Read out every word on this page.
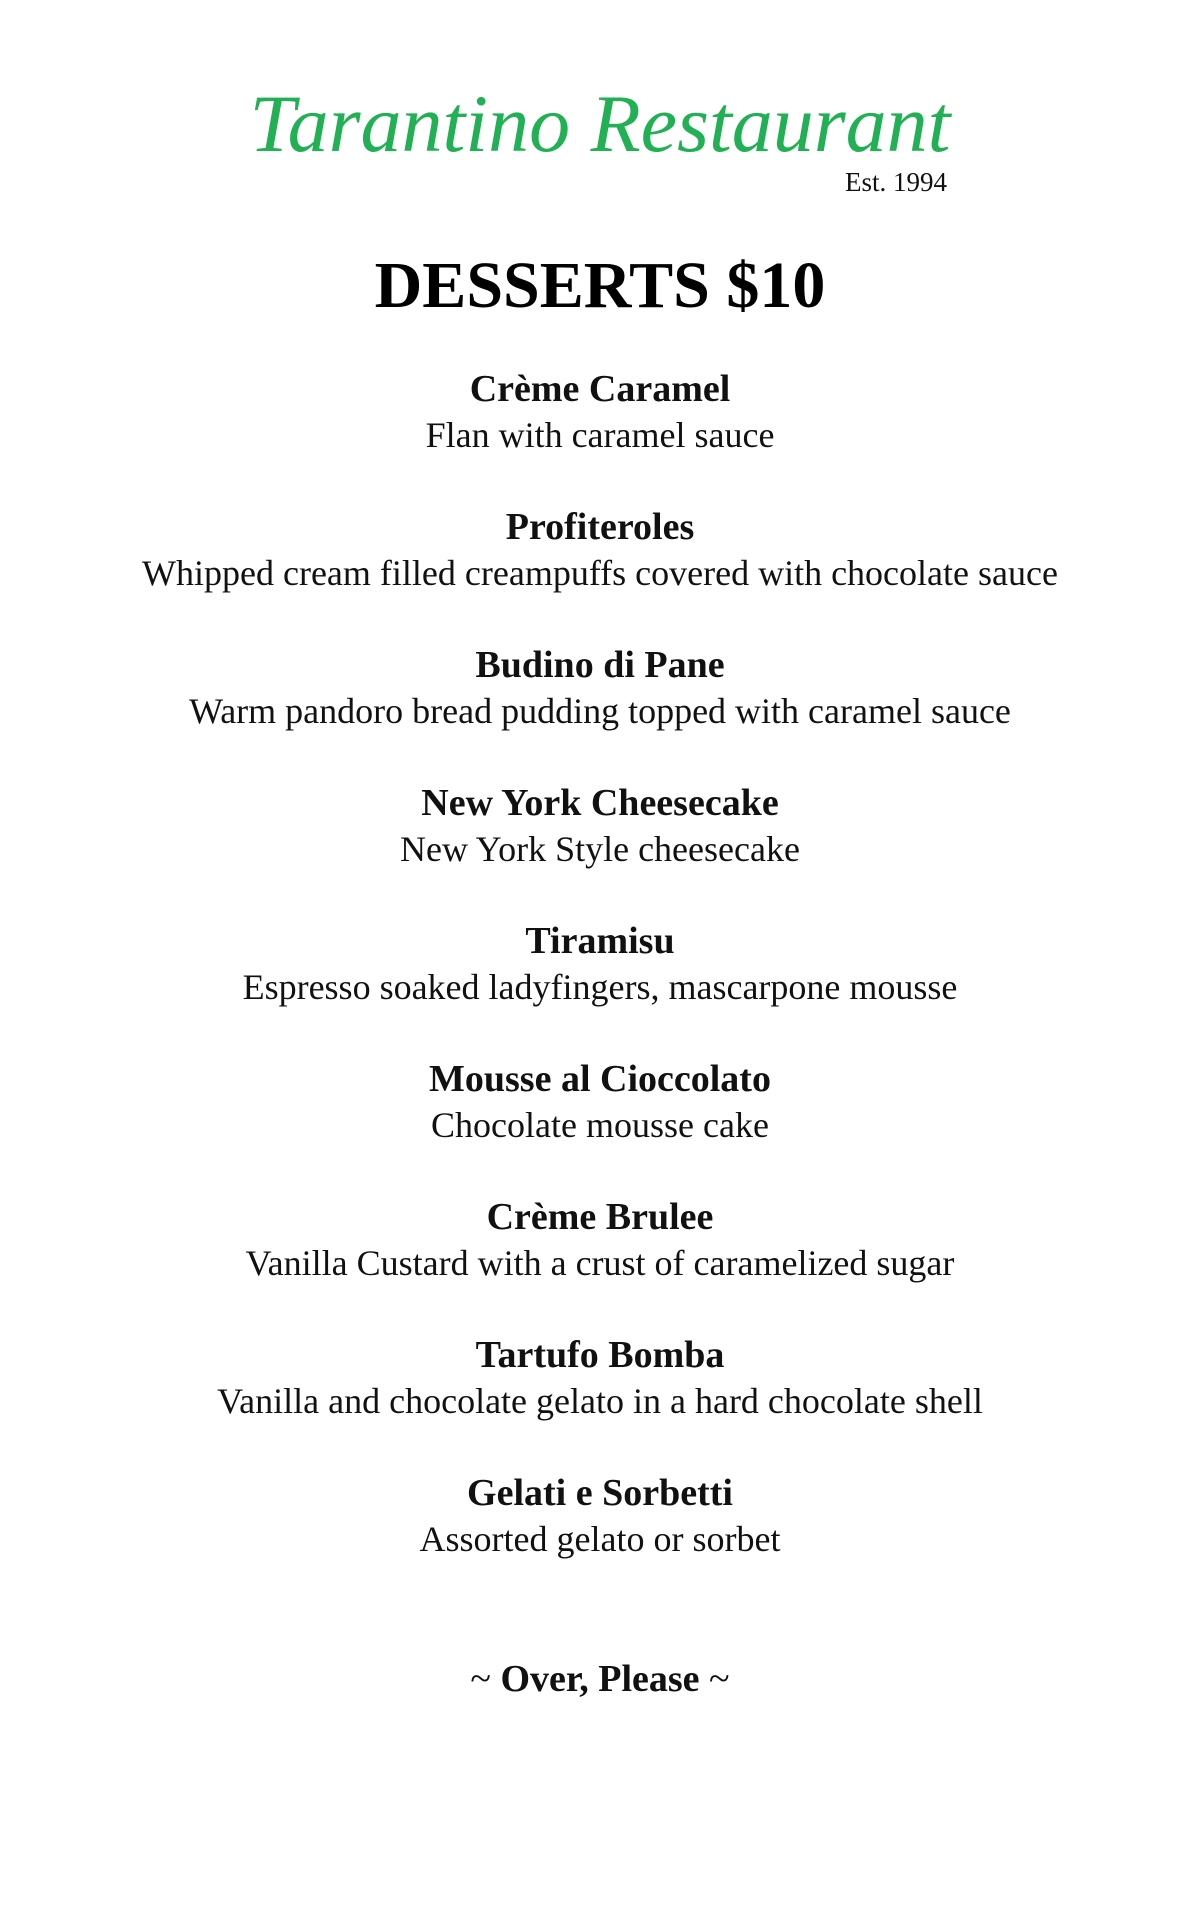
Tarantino Restaurant
Est. 1994
DESSERTS $10
Crème Caramel
Flan with caramel sauce
Profiteroles
Whipped cream filled creampuffs covered with chocolate sauce
Budino di Pane
Warm pandoro bread pudding topped with caramel sauce
New York Cheesecake
New York Style cheesecake
Tiramisu
Espresso soaked ladyfingers, mascarpone mousse
Mousse al Cioccolato
Chocolate mousse cake
Crème Brulee
Vanilla Custard with a crust of caramelized sugar
Tartufo Bomba
Vanilla and chocolate gelato in a hard chocolate shell
Gelati e Sorbetti
Assorted gelato or sorbet
~ Over, Please ~
